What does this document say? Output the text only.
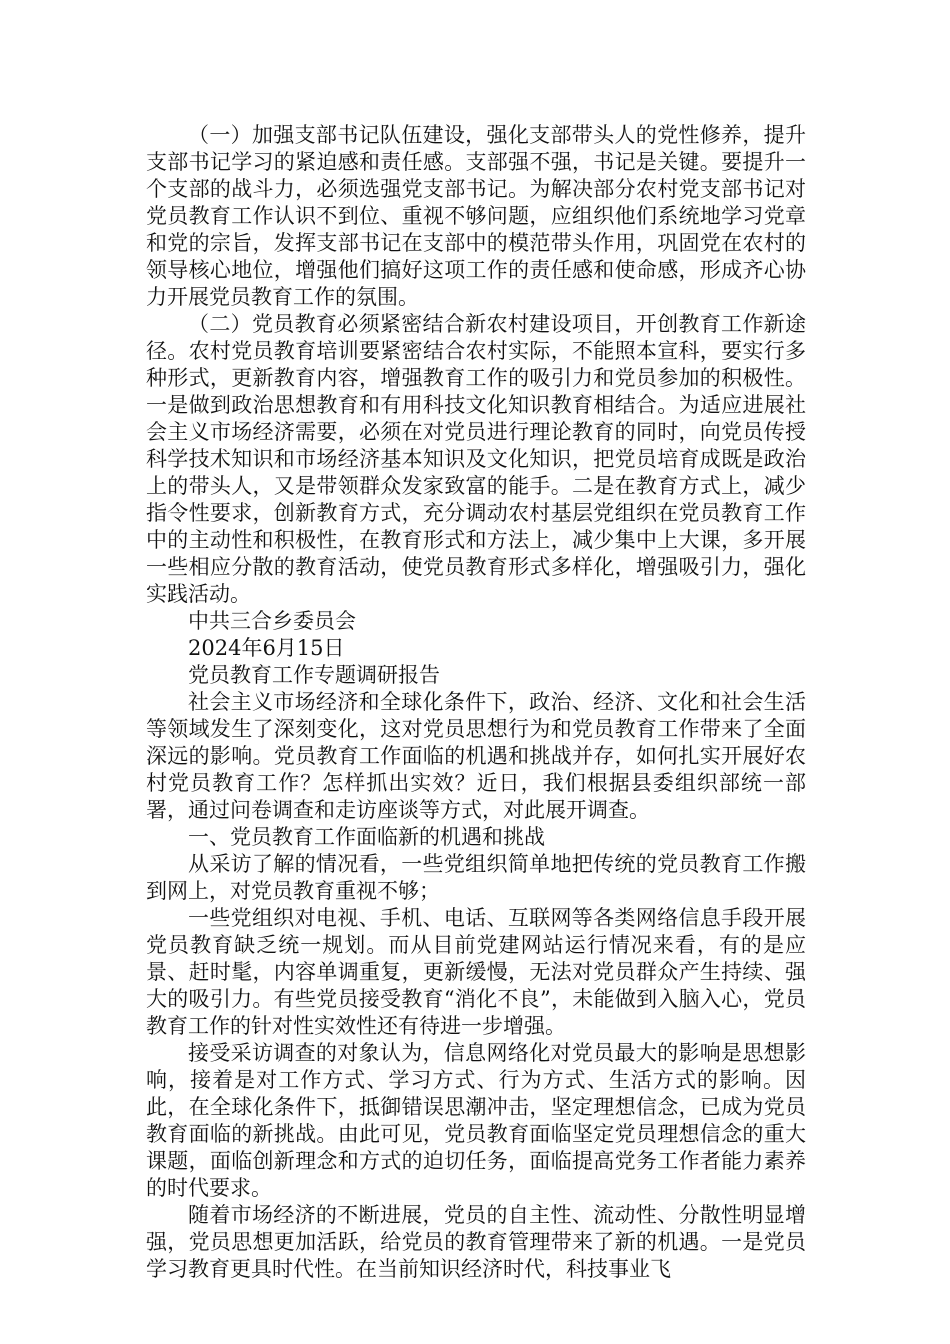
（一）加强支部书记队伍建设，强化支部带头人的党性修养，提升支部书记学习的紧迫感和责任感。支部强不强，书记是关键。要提升一个支部的战斗力，必须选强党支部书记。为解决部分农村党支部书记对党员教育工作认识不到位、重视不够问题，应组织他们系统地学习党章和党的宗旨，发挥支部书记在支部中的模范带头作用，巩固党在农村的领导核心地位，增强他们搞好这项工作的责任感和使命感，形成齐心协力开展党员教育工作的氛围。

（二）党员教育必须紧密结合新农村建设项目，开创教育工作新途径。农村党员教育培训要紧密结合农村实际，不能照本宣科，要实行多种形式，更新教育内容，增强教育工作的吸引力和党员参加的积极性。一是做到政治思想教育和有用科技文化知识教育相结合。为适应进展社会主义市场经济需要，必须在对党员进行理论教育的同时，向党员传授科学技术知识和市场经济基本知识及文化知识，把党员培育成既是政治上的带头人，又是带领群众发家致富的能手。二是在教育方式上，减少指令性要求，创新教育方式，充分调动农村基层党组织在党员教育工作中的主动性和积极性，在教育形式和方法上，减少集中上大课，多开展一些相应分散的教育活动，使党员教育形式多样化，增强吸引力，强化实践活动。

中共三合乡委员会

2024年6月15日

党员教育工作专题调研报告

社会主义市场经济和全球化条件下，政治、经济、文化和社会生活等领域发生了深刻变化，这对党员思想行为和党员教育工作带来了全面深远的影响。党员教育工作面临的机遇和挑战并存，如何扎实开展好农村党员教育工作？怎样抓出实效？近日，我们根据县委组织部统一部署，通过问卷调查和走访座谈等方式，对此展开调查。

一、党员教育工作面临新的机遇和挑战

从采访了解的情况看，一些党组织简单地把传统的党员教育工作搬到网上，对党员教育重视不够；

一些党组织对电视、手机、电话、互联网等各类网络信息手段开展党员教育缺乏统一规划。而从目前党建网站运行情况来看，有的是应景、赶时髦，内容单调重复，更新缓慢，无法对党员群众产生持续、强大的吸引力。有些党员接受教育“消化不良”，未能做到入脑入心，党员教育工作的针对性实效性还有待进一步增强。

接受采访调查的对象认为，信息网络化对党员最大的影响是思想影响，接着是对工作方式、学习方式、行为方式、生活方式的影响。因此，在全球化条件下，抵御错误思潮冲击，坚定理想信念，已成为党员教育面临的新挑战。由此可见，党员教育面临坚定党员理想信念的重大课题，面临创新理念和方式的迫切任务，面临提高党务工作者能力素养的时代要求。

随着市场经济的不断进展，党员的自主性、流动性、分散性明显增强，党员思想更加活跃，给党员的教育管理带来了新的机遇。一是党员学习教育更具时代性。在当前知识经济时代，科技事业飞
